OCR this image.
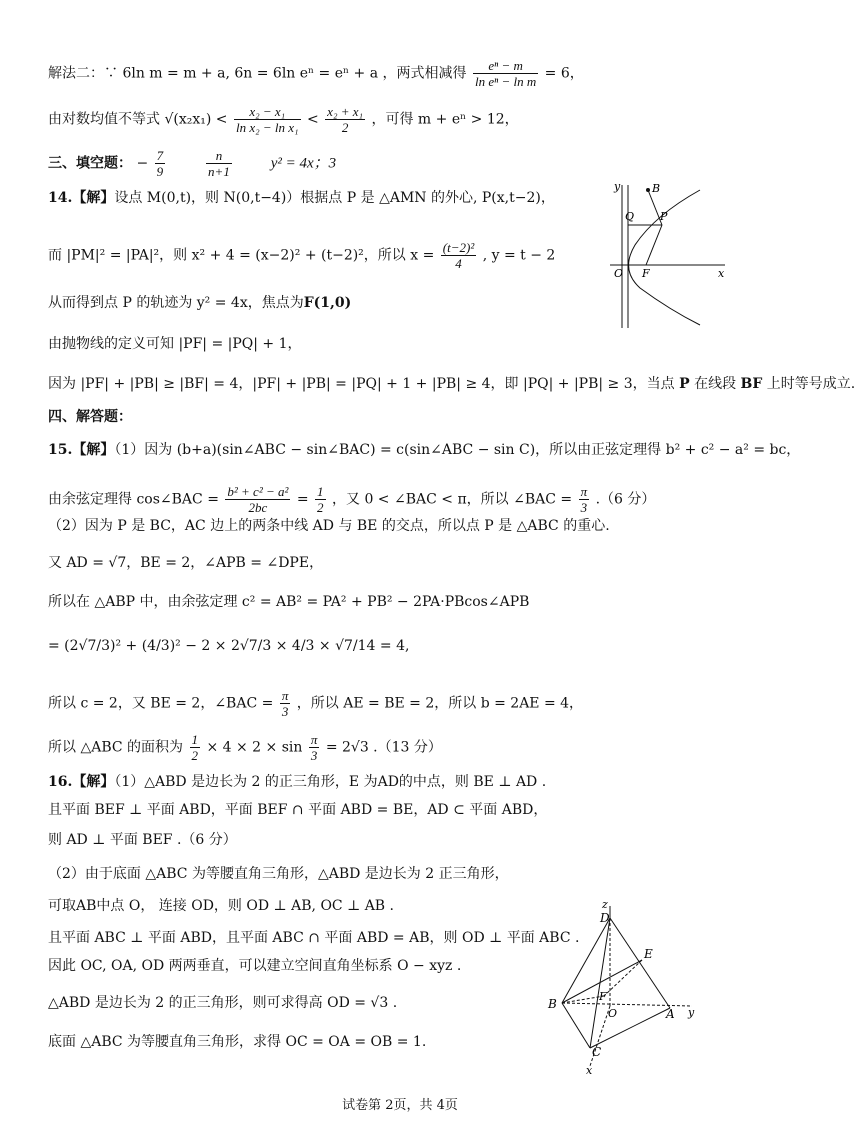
解法二：∵ 6ln m = m + a, 6n = 6ln eⁿ = eⁿ + a ，两式相减得 $\frac{\text{eⁿ − m}}{\text{ln eⁿ − ln m}} = 6$，
由对数均值不等式 $√(x_2x_1) < \frac{\text{x₂ − x₁}}{\text{ln x₂ − ln x₁}} < \frac{\text{x₂ + x₁}}{2}$ ，可得 m + eⁿ > 12，
三、填空题： − $\frac{7}{9}$
	$\frac{n}{n+1}$	y² = 4x；3
14.【解】设点 M(0,t)，则 N(0,t−4)）根据点 P 是 △AMN 的外心, P(x,t−2)，
而 |PM|² = |PA|²，则 x² + 4 = (x−2)² + (t−2)²，所以 $x = \frac{\text{(t−2)²}}{4}$ , y = t − 2
从而得到点 P 的轨迹为 y² = 4x，焦点为F(1,0)
由抛物线的定义可知 |PF| = |PQ| + 1，
因为 |PF| + |PB| ≥ |BF| = 4，|PF| + |PB| = |PQ| + 1 + |PB| ≥ 4，即 |PQ| + |PB| ≥ 3，当点 P 在线段 BF 上时等号成立.
y	B
Q P
O F	x
四、解答题：
15.【解】（1）因为 (b+a)(sin∠ABC − sin∠BAC) = c(sin∠ABC − sin C)，所以由正弦定理得 b² + c² − a² = bc，
由余弦定理得 cos∠BAC = $\frac{\text{b² + c² − a²}}{2bc} = \frac{1}{2}$ ，又 0 < ∠BAC < π，所以 ∠BAC = $\frac{\pi}{3} .(6$ 分）
（2）因为 P 是 BC，AC 边上的两条中线 AD 与 BE 的交点，所以点 P 是 △ABC 的重心.
又 AD = √7，BE = 2，∠APB = ∠DPE，
所以在 △ABP 中，由余弦定理 c² = AB² = PA² + PB² − 2PA·PBcos∠APB
= (2√7/3)² + (4/3)² − 2 × 2√7/3 × 4/3 × √7/14 = 4,
所以 c = 2，又 BE = 2，∠BAC = $\frac{\pi}{3}$ ，所以 AE = BE = 2，所以 b = 2AE = 4，
所以 △ABC 的面积为 $\frac{1}{2} \times 4 \times 2 \times \sin \frac{\pi}{3} = 2√3$ .（13 分）
16.【解】（1）△ABD 是边长为 2 的正三角形，E 为AD的中点，则 BE ⊥ AD .
且平面 BEF ⊥ 平面 ABD，平面 BEF ∩ 平面 ABD = BE，AD ⊂ 平面 ABD，
则 AD ⊥ 平面 BEF .（6 分）
（2）由于底面 △ABC 为等腰直角三角形，△ABD 是边长为 2 正三角形，
可取AB中点 O， 连接 OD，则 OD ⊥ AB, OC ⊥ AB .
且平面 ABC ⊥ 平面 ABD，且平面 ABC ∩ 平面 ABD = AB，则 OD ⊥ 平面 ABC .
因此 OC, OA, OD 两两垂直，可以建立空间直角坐标系 O − xyz .
△ABD 是边长为 2 的正三角形，则可求得高 OD = √3 .
底面 △ABC 为等腰直角三角形，求得 OC = OA = OB = 1.
z
D
E
B
F
O	A y
C
x
试卷第 2页，共 4页
